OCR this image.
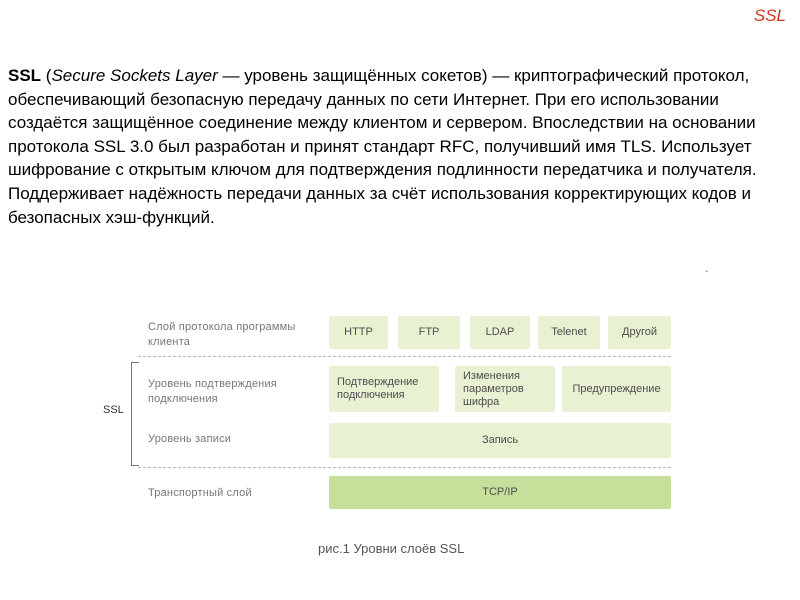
SSL

SSL (Secure Sockets Layer — уровень защищённых сокетов) — криптографический протокол, обеспечивающий безопасную передачу данных по сети Интернет. При его использовании создаётся защищённое соединение между клиентом и сервером. Впоследствии на основании протокола SSL 3.0 был разработан и принят стандарт RFC, получивший имя TLS. Использует шифрование с открытым ключом для подтверждения подлинности передатчика и получателя. Поддерживает надёжность передачи данных за счёт использования корректирующих кодов и безопасных хэш-функций.

-
Слой протокола программы клиента
Уровень подтверждения подключения
Уровень записи
Транспортный слой
SSL
HTTP	FTP	LDAP	Telenet	Другой
Подтверждение подключения
Изменения параметров шифра
Предупреждение
Запись
TCP/IP
рис.1 Уровни слоёв SSL
